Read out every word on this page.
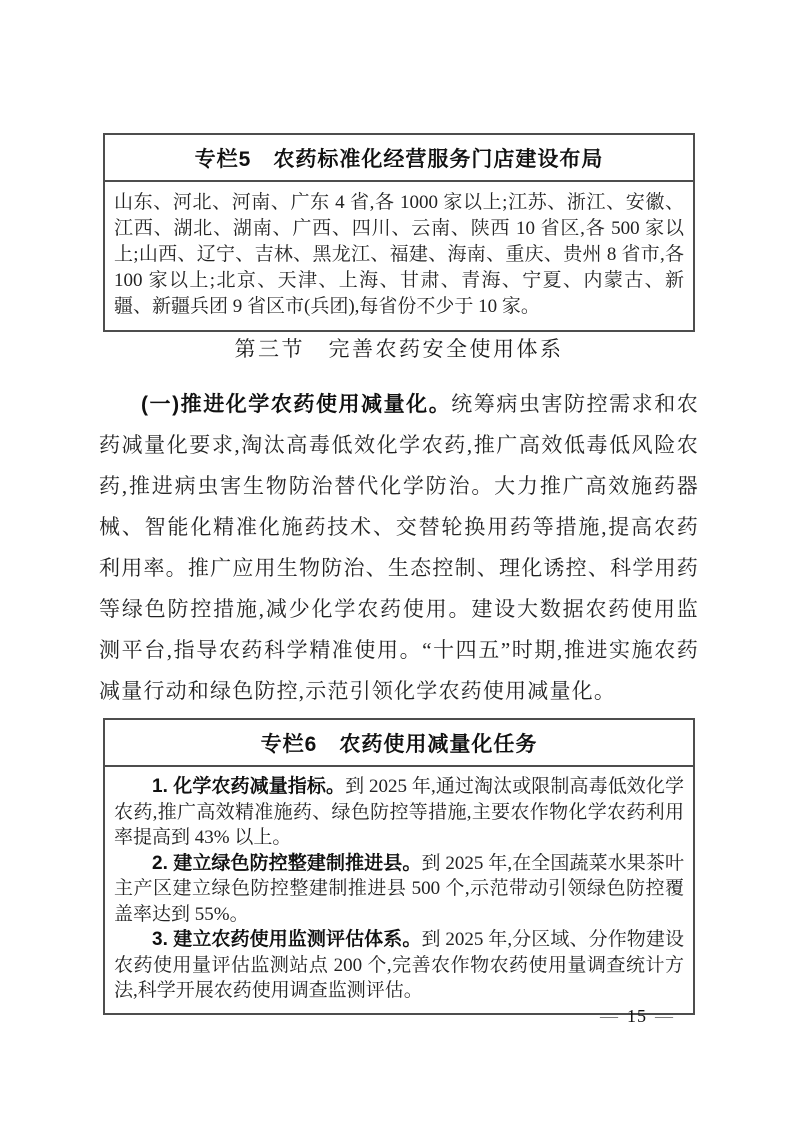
专栏5　农药标准化经营服务门店建设布局
山东、河北、河南、广东 4 省,各 1000 家以上;江苏、浙江、安徽、江西、湖北、湖南、广西、四川、云南、陕西 10 省区,各 500 家以上;山西、辽宁、吉林、黑龙江、福建、海南、重庆、贵州 8 省市,各 100 家以上;北京、天津、上海、甘肃、青海、宁夏、内蒙古、新疆、新疆兵团 9 省区市(兵团),每省份不少于 10 家。
第三节　完善农药安全使用体系

(一)推进化学农药使用减量化。统筹病虫害防控需求和农药减量化要求,淘汰高毒低效化学农药,推广高效低毒低风险农药,推进病虫害生物防治替代化学防治。大力推广高效施药器械、智能化精准化施药技术、交替轮换用药等措施,提高农药利用率。推广应用生物防治、生态控制、理化诱控、科学用药等绿色防控措施,减少化学农药使用。建设大数据农药使用监测平台,指导农药科学精准使用。“十四五”时期,推进实施农药减量行动和绿色防控,示范引领化学农药使用减量化。

专栏6　农药使用减量化任务

1. 化学农药减量指标。到 2025 年,通过淘汰或限制高毒低效化学农药,推广高效精准施药、绿色防控等措施,主要农作物化学农药利用率提高到 43% 以上。

2. 建立绿色防控整建制推进县。到 2025 年,在全国蔬菜水果茶叶主产区建立绿色防控整建制推进县 500 个,示范带动引领绿色防控覆盖率达到 55%。

3. 建立农药使用监测评估体系。到 2025 年,分区域、分作物建设农药使用量评估监测站点 200 个,完善农作物农药使用量调查统计方法,科学开展农药使用调查监测评估。

— 15 —
